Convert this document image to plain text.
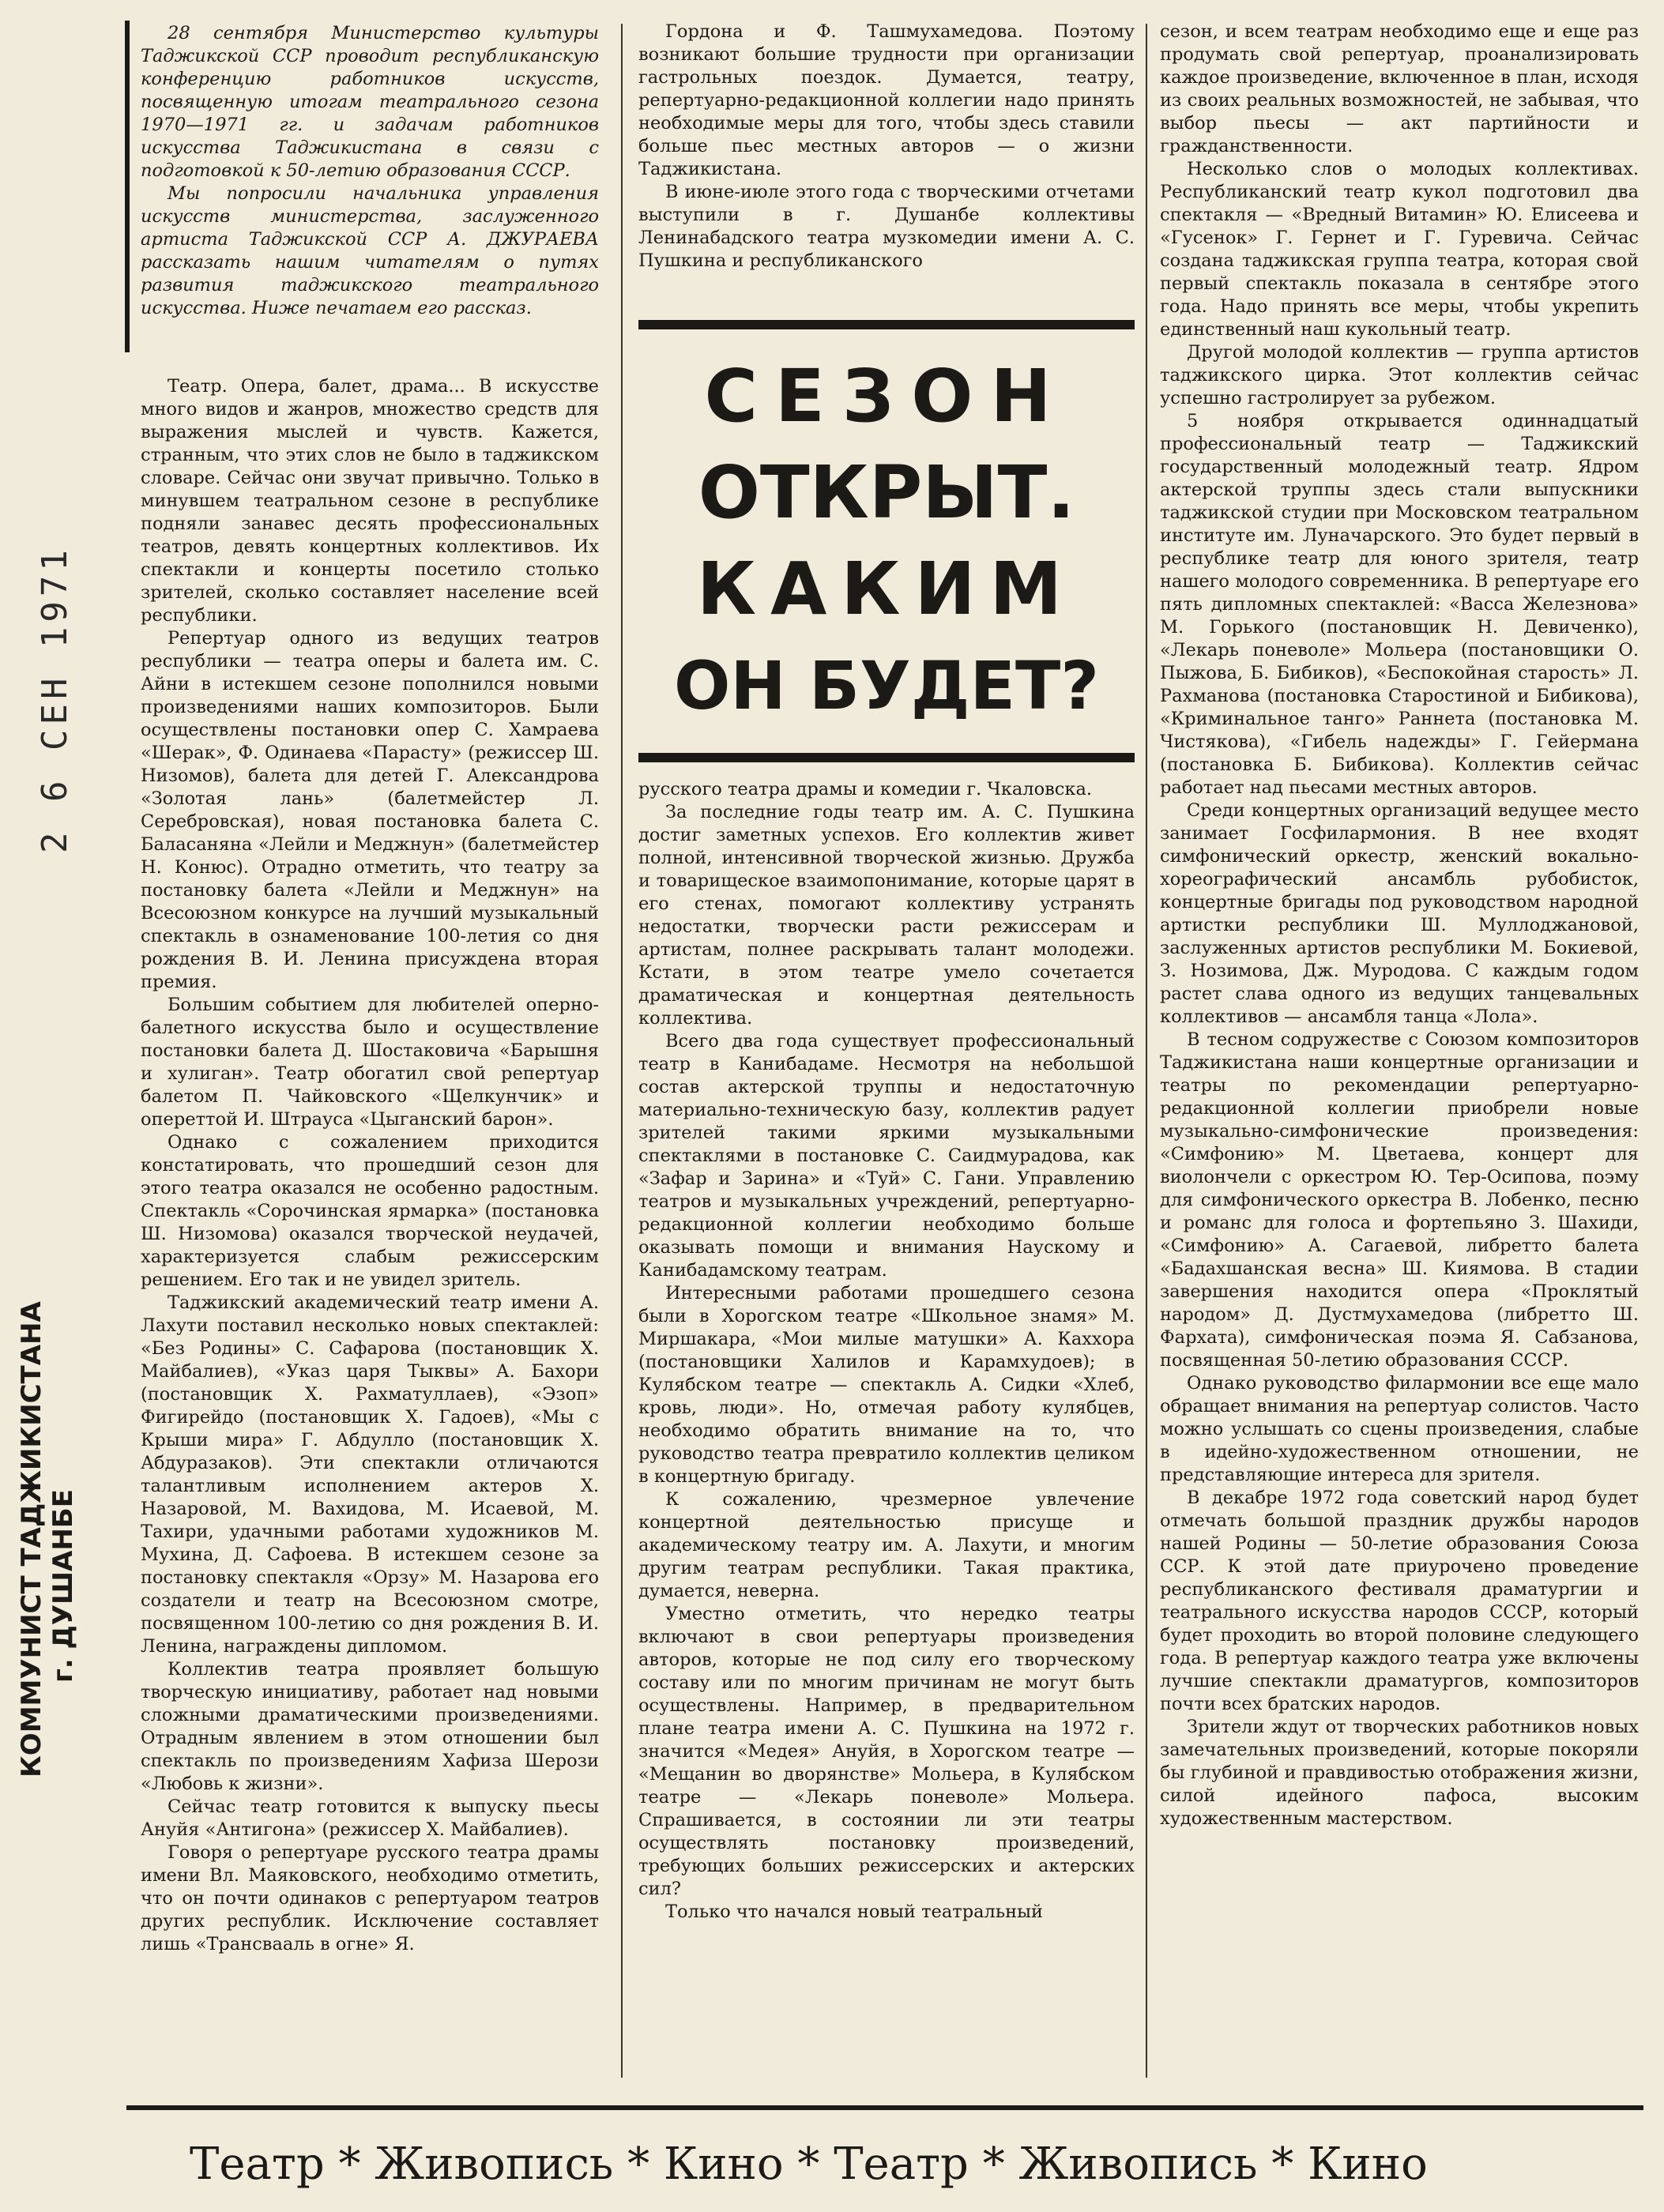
28 сентября Министерство культуры Таджикской ССР проводит республиканскую конференцию работников искусств, посвященную итогам театрального сезона 1970—1971 гг. и задачам работников искусства Таджикистана в связи с подготовкой к 50-летию образования СССР.

Мы попросили начальника управления искусств министерства, заслуженного артиста Таджикской ССР А. ДЖУРАЕВА рассказать нашим читателям о путях развития таджикского театрального искусства. Ниже печатаем его рассказ.

Театр. Опера, балет, драма... В искусстве много видов и жанров, множество средств для выражения мыслей и чувств. Кажется, странным, что этих слов не было в таджикском словаре. Сейчас они звучат привычно. Только в минувшем театральном сезоне в республике подняли занавес десять профессиональных театров, девять концертных коллективов. Их спектакли и концерты посетило столько зрителей, сколько составляет население всей республики.

Репертуар одного из ведущих театров республики — театра оперы и балета им. С. Айни в истекшем сезоне пополнился новыми произведениями наших композиторов. Были осуществлены постановки опер С. Хамраева «Шерак», Ф. Одинаева «Парасту» (режиссер Ш. Низомов), балета для детей Г. Александрова «Золотая лань» (балетмейстер Л. Серебровская), новая постановка балета С. Баласаняна «Лейли и Меджнун» (балетмейстер Н. Конюс). Отрадно отметить, что театру за постановку балета «Лейли и Меджнун» на Всесоюзном конкурсе на лучший музыкальный спектакль в ознаменование 100-летия со дня рождения В. И. Ленина присуждена вторая премия.

Большим событием для любителей оперно-балетного искусства было и осуществление постановки балета Д. Шостаковича «Барышня и хулиган». Театр обогатил свой репертуар балетом П. Чайковского «Щелкунчик» и опереттой И. Штрауса «Цыганский барон».

Однако с сожалением приходится констатировать, что прошедший сезон для этого театра оказался не особенно радостным. Спектакль «Сорочинская ярмарка» (постановка Ш. Низомова) оказался творческой неудачей, характеризуется слабым режиссерским решением. Его так и не увидел зритель.

Таджикский академический театр имени А. Лахути поставил несколько новых спектаклей: «Без Родины» С. Сафарова (постановщик Х. Майбалиев), «Указ царя Тыквы» А. Бахори (постановщик Х. Рахматуллаев), «Эзоп» Фигирейдо (постановщик Х. Гадоев), «Мы с Крыши мира» Г. Абдулло (постановщик Х. Абдуразаков). Эти спектакли отличаются талантливым исполнением актеров Х. Назаровой, М. Вахидова, М. Исаевой, М. Тахири, удачными работами художников М. Мухина, Д. Сафоева. В истекшем сезоне за постановку спектакля «Орзу» М. Назарова его создатели и театр на Всесоюзном смотре, посвященном 100-летию со дня рождения В. И. Ленина, награждены дипломом.

Коллектив театра проявляет большую творческую инициативу, работает над новыми сложными драматическими произведениями. Отрадным явлением в этом отношении был спектакль по произведениям Хафиза Шерози «Любовь к жизни».

Сейчас театр готовится к выпуску пьесы Ануйя «Антигона» (режиссер Х. Майбалиев).

Говоря о репертуаре русского театра драмы имени Вл. Маяковского, необходимо отметить, что он почти одинаков с репертуаром театров других республик. Исключение составляет лишь «Трансвааль в огне» Я.

Гордона и Ф. Ташмухамедова. Поэтому возникают большие трудности при организации гастрольных поездок. Думается, театру, репертуарно-редакционной коллегии надо принять необходимые меры для того, чтобы здесь ставили больше пьес местных авторов — о жизни Таджикистана.

В июне-июле этого года с творческими отчетами выступили в г. Душанбе коллективы Ленинабадского театра музкомедии имени А. С. Пушкина и республиканского

СЕЗОН
ОТКРЫТ.
КАКИМ
ОН БУДЕТ?

русского театра драмы и комедии г. Чкаловска.

За последние годы театр им. А. С. Пушкина достиг заметных успехов. Его коллектив живет полной, интенсивной творческой жизнью. Дружба и товарищеское взаимопонимание, которые царят в его стенах, помогают коллективу устранять недостатки, творчески расти режиссерам и артистам, полнее раскрывать талант молодежи. Кстати, в этом театре умело сочетается драматическая и концертная деятельность коллектива.

Всего два года существует профессиональный театр в Канибадаме. Несмотря на небольшой состав актерской труппы и недостаточную материально-техническую базу, коллектив радует зрителей такими яркими музыкальными спектаклями в постановке С. Саидмурадова, как «Зафар и Зарина» и «Туй» С. Гани. Управлению театров и музыкальных учреждений, репертуарно-редакционной коллегии необходимо больше оказывать помощи и внимания Наускому и Канибадамскому театрам.

Интересными работами прошедшего сезона были в Хорогском театре «Школьное знамя» М. Миршакара, «Мои милые матушки» А. Каххора (постановщики Халилов и Карамхудоев); в Кулябском театре — спектакль А. Сидки «Хлеб, кровь, люди». Но, отмечая работу кулябцев, необходимо обратить внимание на то, что руководство театра превратило коллектив целиком в концертную бригаду.

К сожалению, чрезмерное увлечение концертной деятельностью присуще и академическому театру им. А. Лахути, и многим другим театрам республики. Такая практика, думается, неверна.

Уместно отметить, что нередко театры включают в свои репертуары произведения авторов, которые не под силу его творческому составу или по многим причинам не могут быть осуществлены. Например, в предварительном плане театра имени А. С. Пушкина на 1972 г. значится «Медея» Ануйя, в Хорогском театре — «Мещанин во дворянстве» Мольера, в Кулябском театре — «Лекарь поневоле» Мольера. Спрашивается, в состоянии ли эти театры осуществлять постановку произведений, требующих больших режиссерских и актерских сил?

Только что начался новый театральный

сезон, и всем театрам необходимо еще и еще раз продумать свой репертуар, проанализировать каждое произведение, включенное в план, исходя из своих реальных возможностей, не забывая, что выбор пьесы — акт партийности и гражданственности.

Несколько слов о молодых коллективах. Республиканский театр кукол подготовил два спектакля — «Вредный Витамин» Ю. Елисеева и «Гусенок» Г. Гернет и Г. Гуревича. Сейчас создана таджикская группа театра, которая свой первый спектакль показала в сентябре этого года. Надо принять все меры, чтобы укрепить единственный наш кукольный театр.

Другой молодой коллектив — группа артистов таджикского цирка. Этот коллектив сейчас успешно гастролирует за рубежом.

5 ноября открывается одиннадцатый профессиональный театр — Таджикский государственный молодежный театр. Ядром актерской труппы здесь стали выпускники таджикской студии при Московском театральном институте им. Луначарского. Это будет первый в республике театр для юного зрителя, театр нашего молодого современника. В репертуаре его пять дипломных спектаклей: «Васса Железнова» М. Горького (постановщик Н. Девиченко), «Лекарь поневоле» Мольера (постановщики О. Пыжова, Б. Бибиков), «Беспокойная старость» Л. Рахманова (постановка Старостиной и Бибикова), «Криминальное танго» Раннета (постановка М. Чистякова), «Гибель надежды» Г. Гейермана (постановка Б. Бибикова). Коллектив сейчас работает над пьесами местных авторов.

Среди концертных организаций ведущее место занимает Госфилармония. В нее входят симфонический оркестр, женский вокально-хореографический ансамбль рубобисток, концертные бригады под руководством народной артистки республики Ш. Муллоджановой, заслуженных артистов республики М. Бокиевой, З. Нозимова, Дж. Муродова. С каждым годом растет слава одного из ведущих танцевальных коллективов — ансамбля танца «Лола».

В тесном содружестве с Союзом композиторов Таджикистана наши концертные организации и театры по рекомендации репертуарно-редакционной коллегии приобрели новые музыкально-симфонические произведения: «Симфонию» М. Цветаева, концерт для виолончели с оркестром Ю. Тер-Осипова, поэму для симфонического оркестра В. Лобенко, песню и романс для голоса и фортепьяно З. Шахиди, «Симфонию» А. Сагаевой, либретто балета «Бадахшанская весна» Ш. Киямова. В стадии завершения находится опера «Проклятый народом» Д. Дустмухамедова (либретто Ш. Фархата), симфоническая поэма Я. Сабзанова, посвященная 50-летию образования СССР.

Однако руководство филармонии все еще мало обращает внимания на репертуар солистов. Часто можно услышать со сцены произведения, слабые в идейно-художественном отношении, не представляющие интереса для зрителя.

В декабре 1972 года советский народ будет отмечать большой праздник дружбы народов нашей Родины — 50-летие образования Союза ССР. К этой дате приурочено проведение республиканского фестиваля драматургии и театрального искусства народов СССР, который будет проходить во второй половине следующего года. В репертуар каждого театра уже включены лучшие спектакли драматургов, композиторов почти всех братских народов.

Зрители ждут от творческих работников новых замечательных произведений, которые покоряли бы глубиной и правдивостью отображения жизни, силой идейного пафоса, высоким художественным мастерством.

2 6 СЕН 1971
КОММУНИСТ ТАДЖИКИСТАНА г. ДУШАНБЕ
Театр * Живопись * Кино * Театр * Живопись * Кино
